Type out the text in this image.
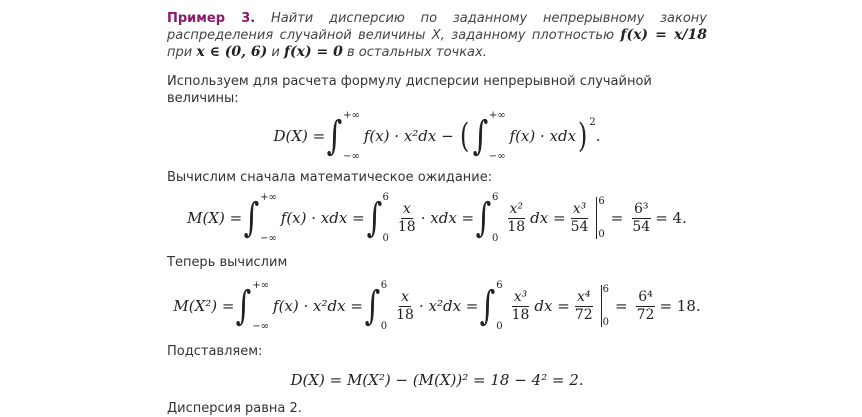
Пример 3. Найти дисперсию по заданному непрерывному закону распределения случайной величины X, заданному плотностью f(x) = x/18 при x ∈ (0, 6) и f(x) = 0 в остальных точках.

Используем для расчета формулу дисперсии непрерывной случайной величины:

D(X) = ∫ +∞
−∞
f(x) · x²dx − ( ∫ +∞
−∞
f(x) · xdx )$^2$
.

Вычислим сначала математическое ожидание:

M(X) = ∫ +∞
−∞
f(x) · xdx = ∫ 6
0
$\frac{x}{18}$ · xdx = ∫ 6
0
$\frac{\text{x²}}{18}$ dx = $\frac{\text{x³}}{54} 6$
0
= $\frac{\text{6³}}{54} = 4$.

Теперь вычислим

M(X²) = ∫ +∞
−∞
f(x) · x²dx = ∫ 6
0
$\frac{x}{18} \cdot x^2dx$ = ∫ 6
0
$\frac{\text{x³}}{18}$ dx = $\frac{\text{x⁴}}{72} 6$
0
= $\frac{\text{6⁴}}{72} = 18$.

Подставляем:

D(X) = M(X²) − (M(X))² = 18 − 4² = 2.

Дисперсия равна 2.
